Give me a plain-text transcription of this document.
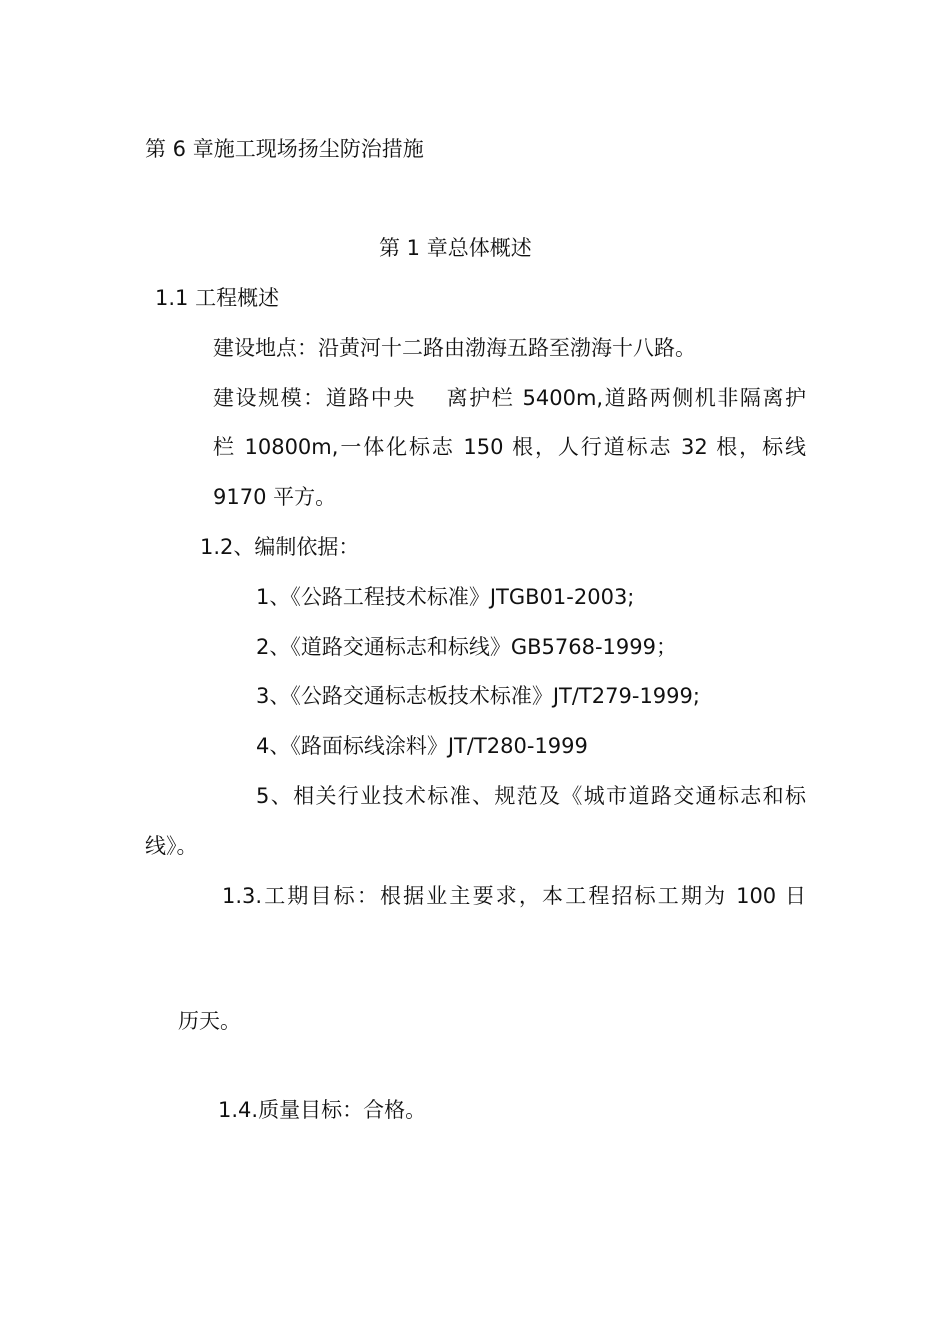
第 6 章施工现场扬尘防治措施
第 1 章总体概述
1.1 工程概述

建设地点：沿黄河十二路由渤海五路至渤海十八路。

建设规模：道路中央　 离护栏 5400m,道路两侧机非隔离护

栏 10800m,一体化标志 150 根，人行道标志 32 根，标线

9170 平方。

1.2、编制依据：

1、《公路工程技术标准》JTGB01-2003;

2、《道路交通标志和标线》GB5768-1999；

3、《公路交通标志板技术标准》JT/T279-1999;

4、《路面标线涂料》JT/T280-1999

5、相关行业技术标准、规范及《城市道路交通标志和标

线》。

1.3.工期目标：根据业主要求，本工程招标工期为 100 日

历天。

1.4.质量目标：合格。
